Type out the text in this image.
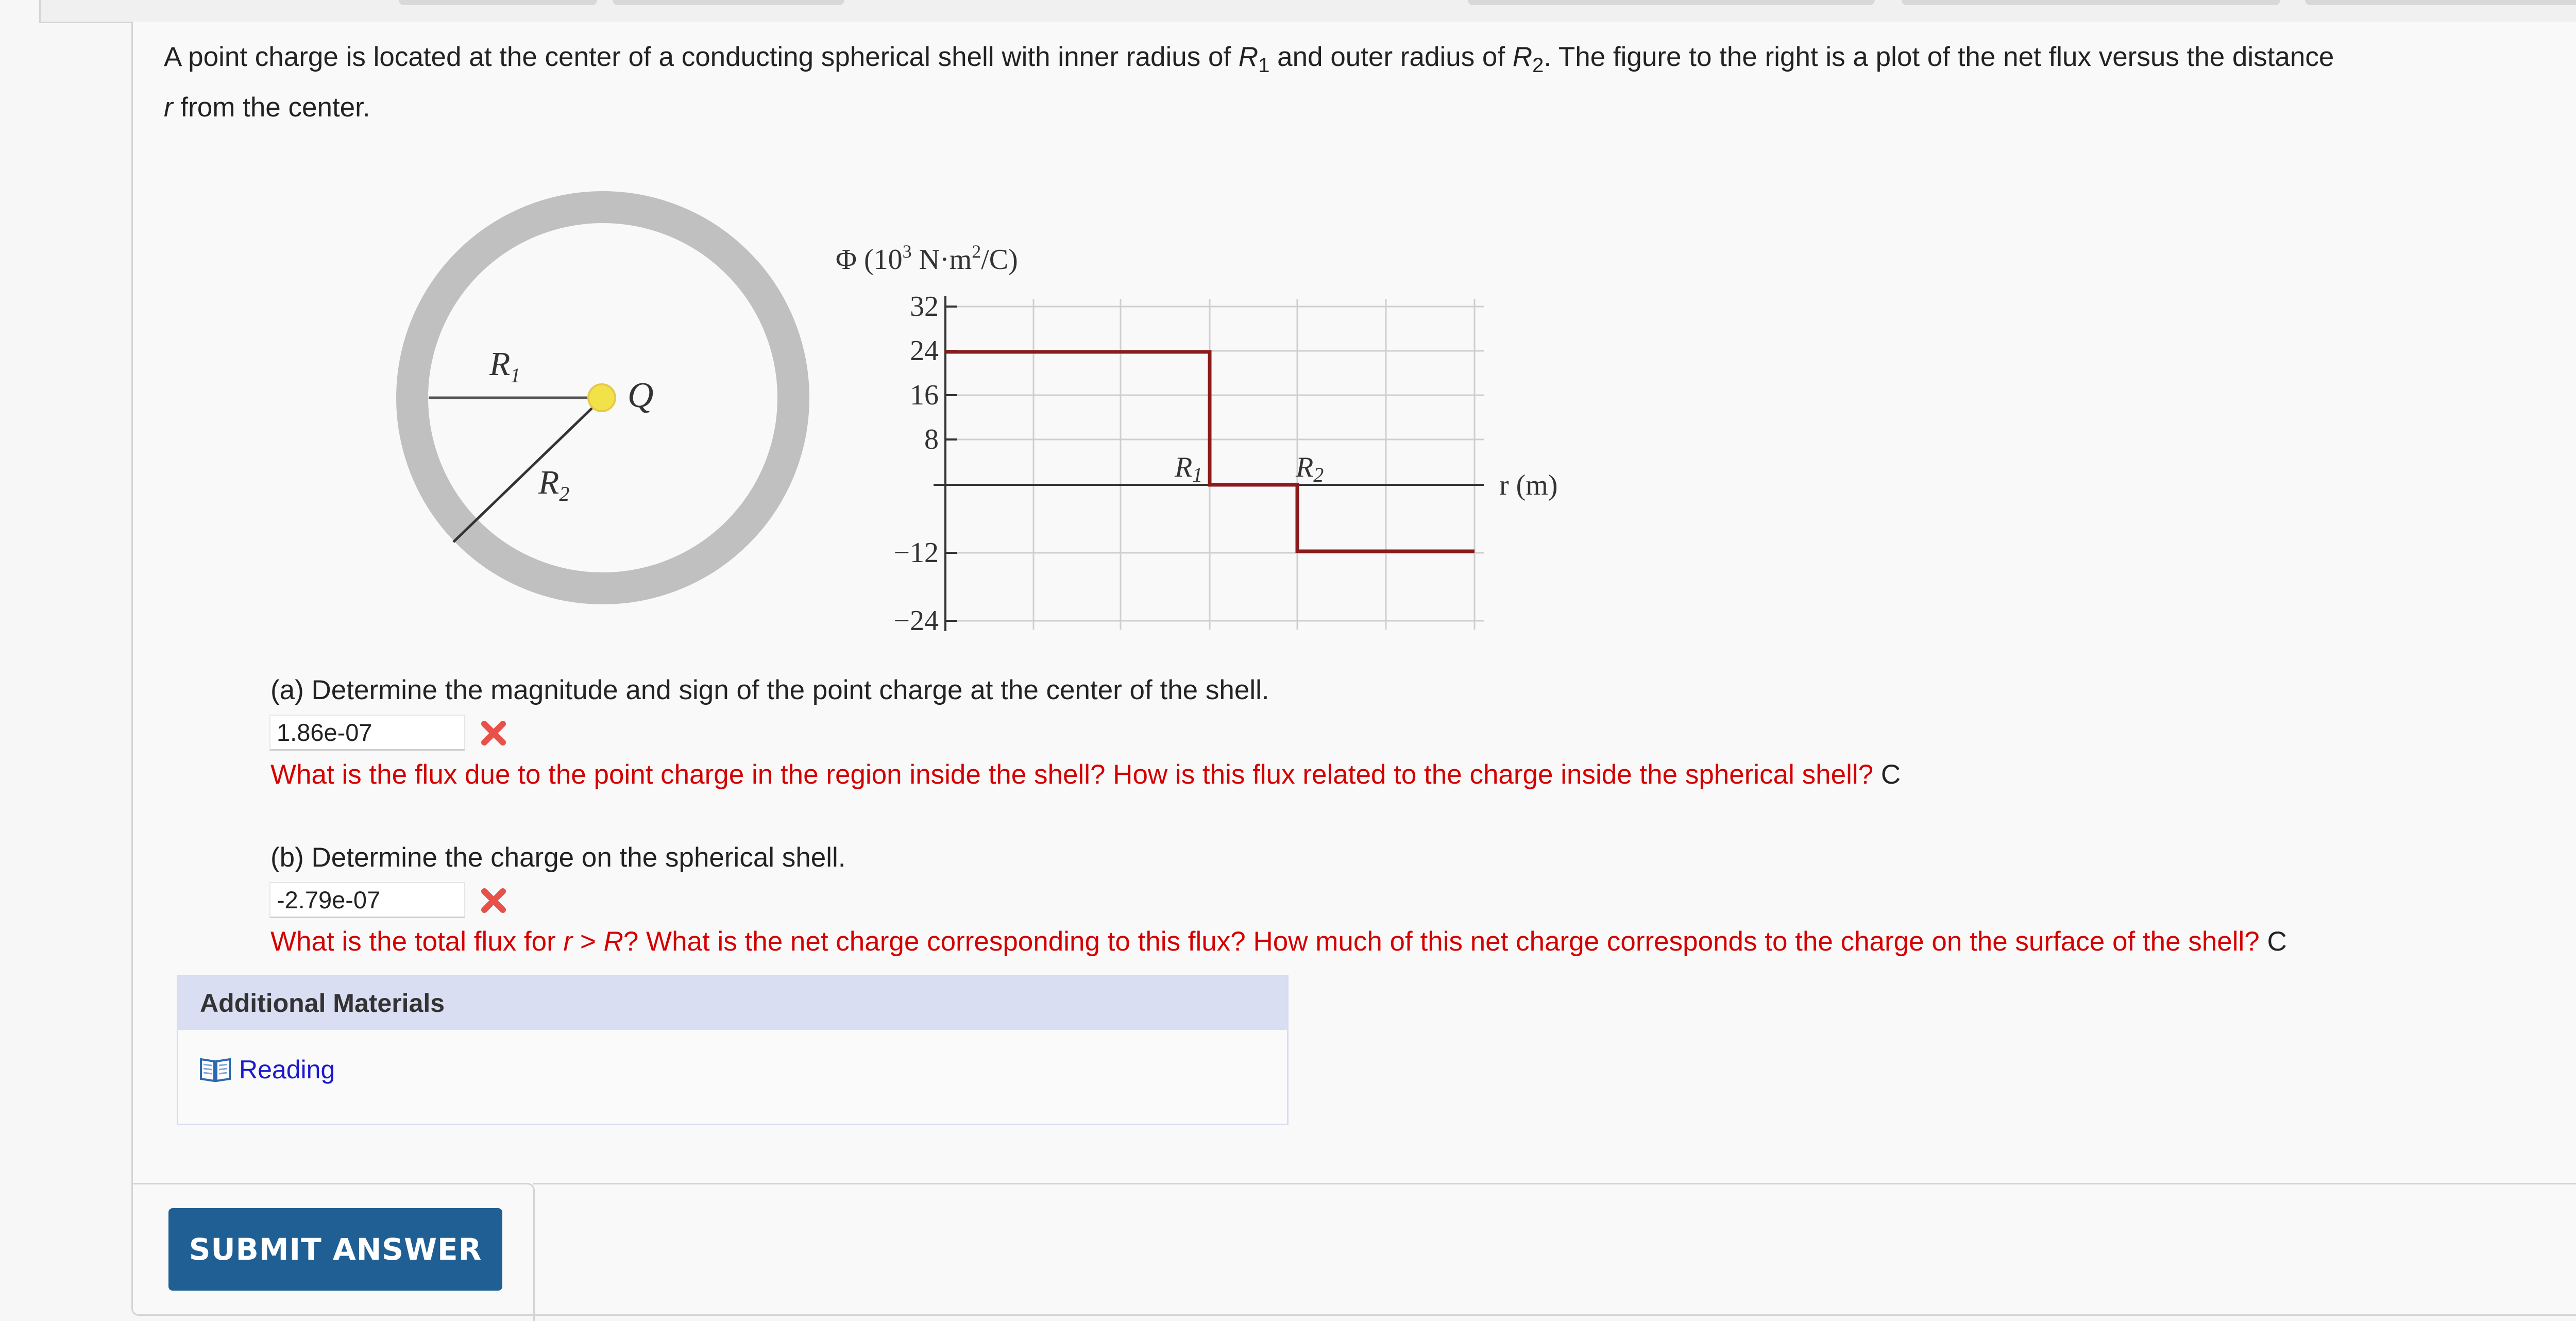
A point charge is located at the center of a conducting spherical shell with inner radius of $R_1$ and outer radius of $R_2$. The figure to the right is a plot of the net flux versus the distance
r from the center.
$R_1$
$R_2$
Q
32
24
16
8
−12
−24
Φ ($10^3$ $N\cdot m^2/C$)
r (m)
R1	R2
(a) Determine the magnitude and sign of the point charge at the center of the shell.
1.86e-07
What is the flux due to the point charge in the region inside the shell? How is this flux related to the charge inside the spherical shell? C
(b) Determine the charge on the spherical shell.
-2.79e-07
What is the total flux for r > R? What is the net charge corresponding to this flux? How much of this net charge corresponds to the charge on the surface of the shell? C
Additional Materials
Reading
SUBMIT ANSWER
